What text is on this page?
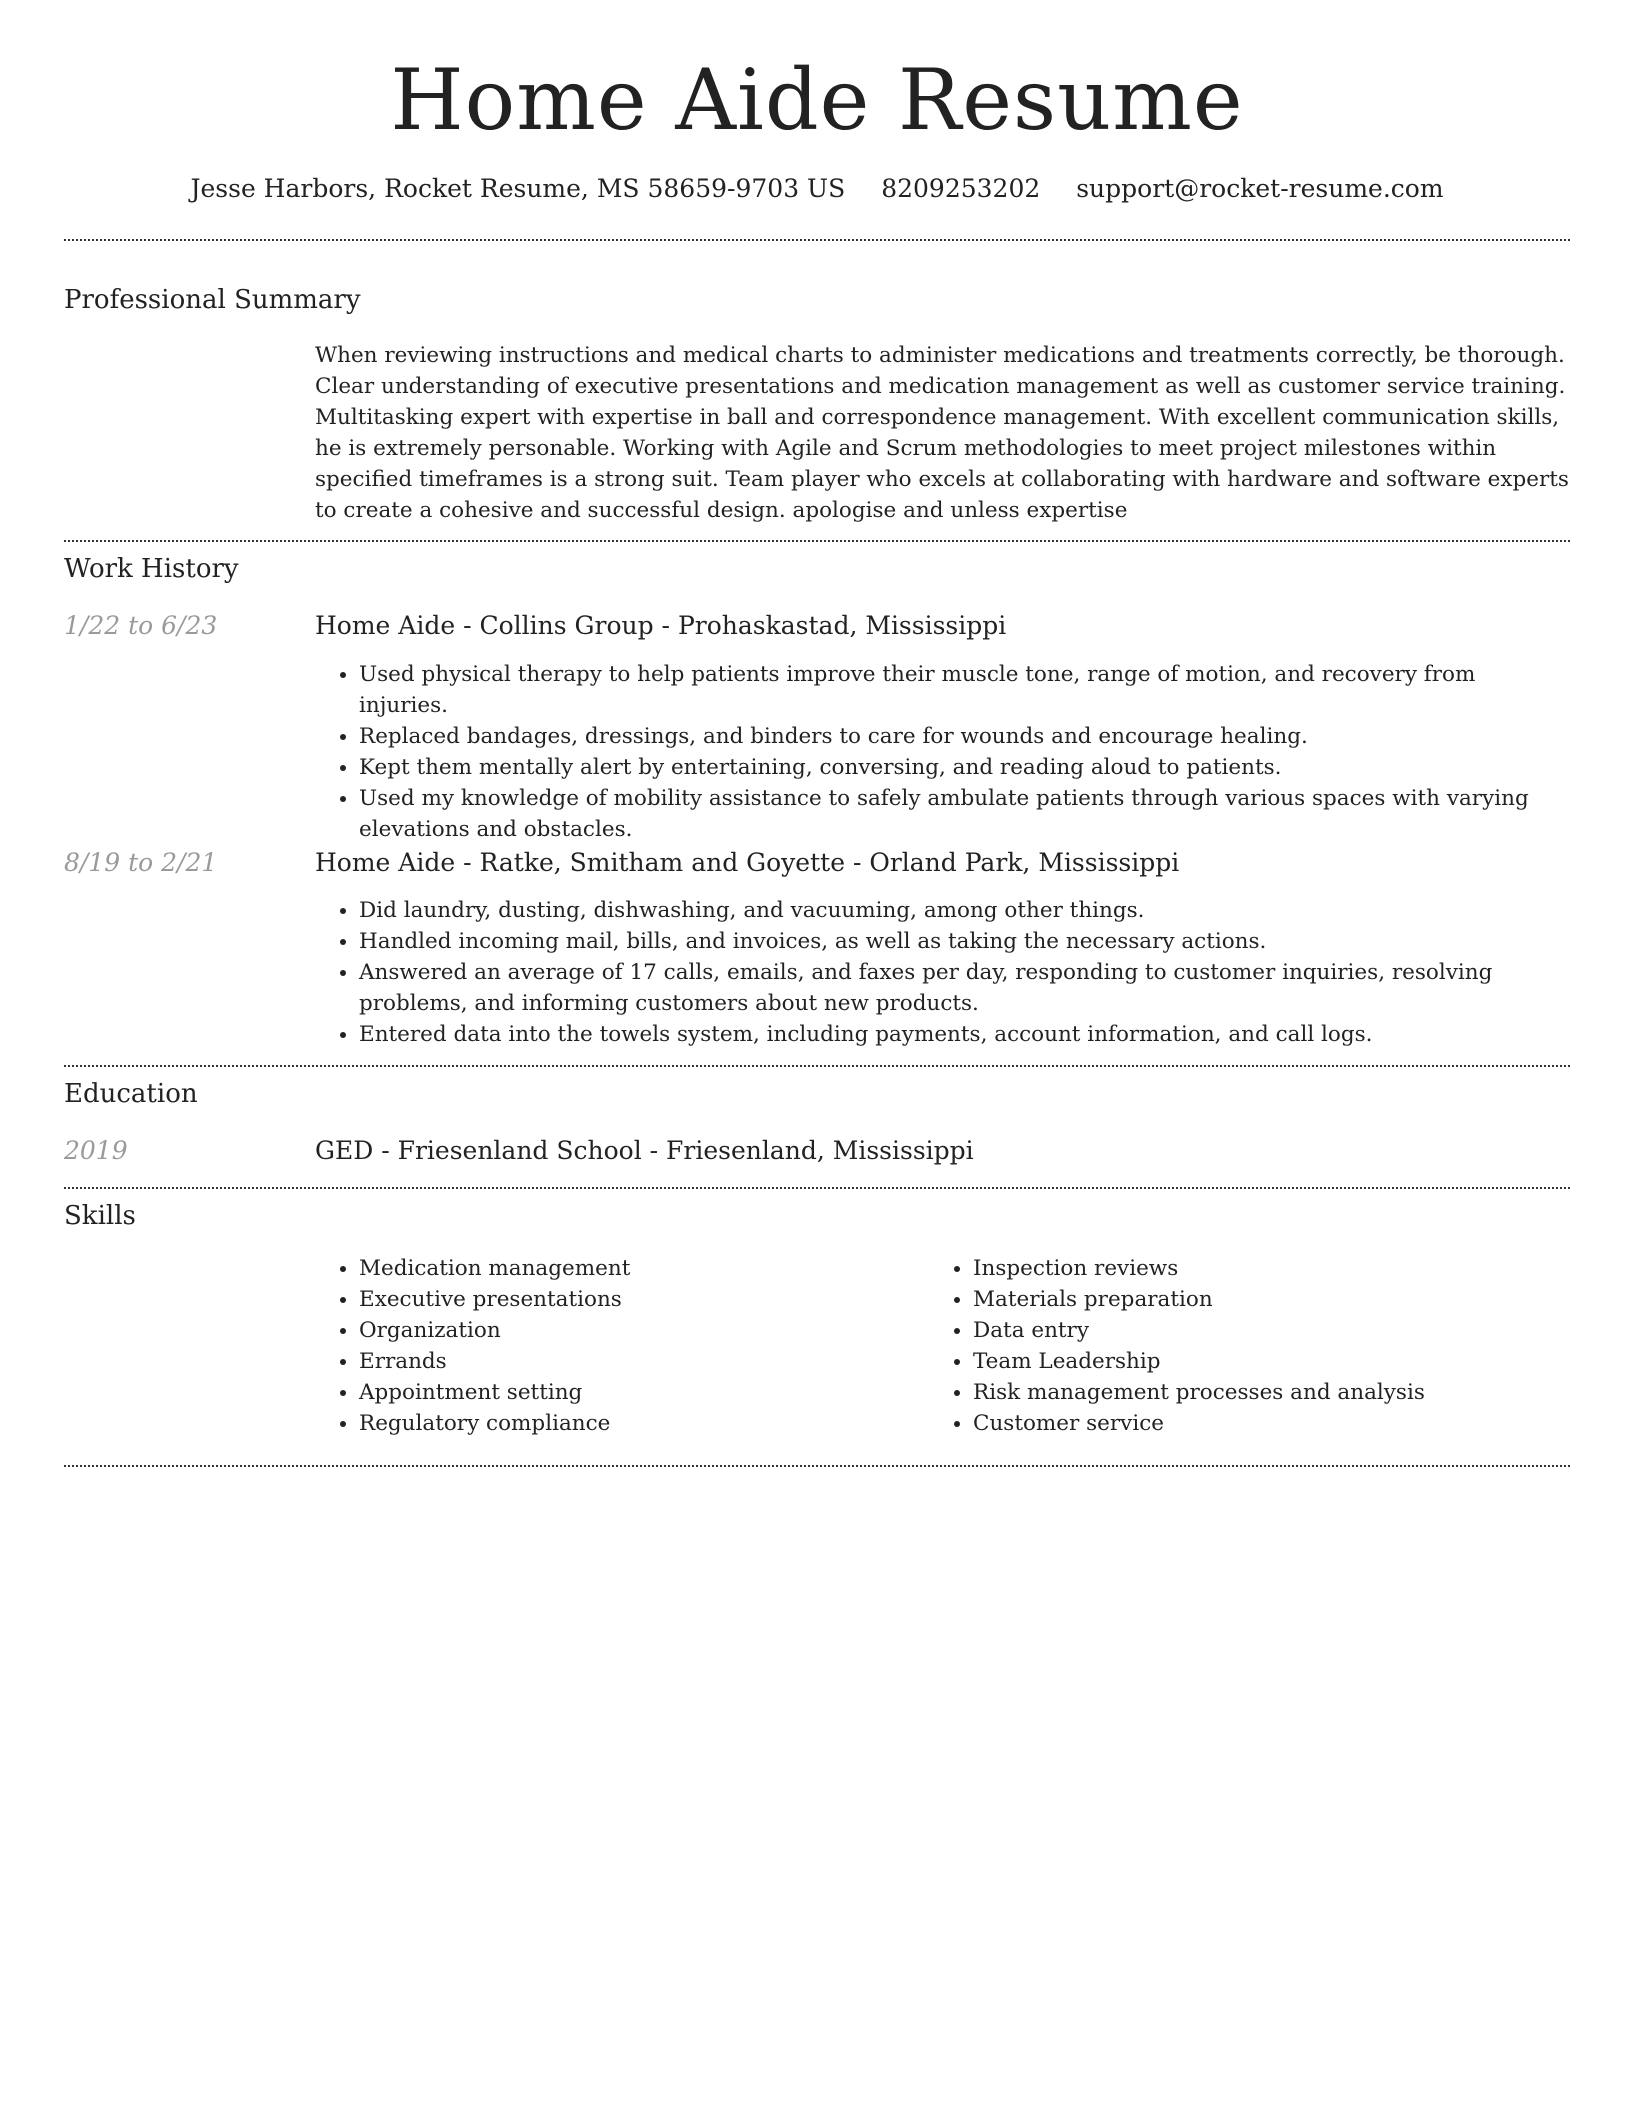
Home Aide Resume
Jesse Harbors, Rocket Resume, MS 58659-9703 US 8209253202 support@rocket-resume.com
Professional Summary

When reviewing instructions and medical charts to administer medications and treatments correctly, be thorough. Clear understanding of executive presentations and medication management as well as customer service training. Multitasking expert with expertise in ball and correspondence management. With excellent communication skills, he is extremely personable. Working with Agile and Scrum methodologies to meet project milestones within specified timeframes is a strong suit. Team player who excels at collaborating with hardware and software experts to create a cohesive and successful design. apologise and unless expertise

Work History
1/22 to 6/23	Home Aide - Collins Group - Prohaskastad, Mississippi
• Used physical therapy to help patients improve their muscle tone, range of motion, and recovery from injuries.
• Replaced bandages, dressings, and binders to care for wounds and encourage healing.
• Kept them mentally alert by entertaining, conversing, and reading aloud to patients.
• Used my knowledge of mobility assistance to safely ambulate patients through various spaces with varying elevations and obstacles.
8/19 to 2/21	Home Aide - Ratke, Smitham and Goyette - Orland Park, Mississippi
• Did laundry, dusting, dishwashing, and vacuuming, among other things.
• Handled incoming mail, bills, and invoices, as well as taking the necessary actions.
• Answered an average of 17 calls, emails, and faxes per day, responding to customer inquiries, resolving problems, and informing customers about new products.
• Entered data into the towels system, including payments, account information, and call logs.
Education
2019	GED - Friesenland School - Friesenland, Mississippi
Skills
• Medication management
• Executive presentations
• Organization
• Errands
• Appointment setting
• Regulatory compliance
• Inspection reviews
• Materials preparation
• Data entry
• Team Leadership
• Risk management processes and analysis
• Customer service
